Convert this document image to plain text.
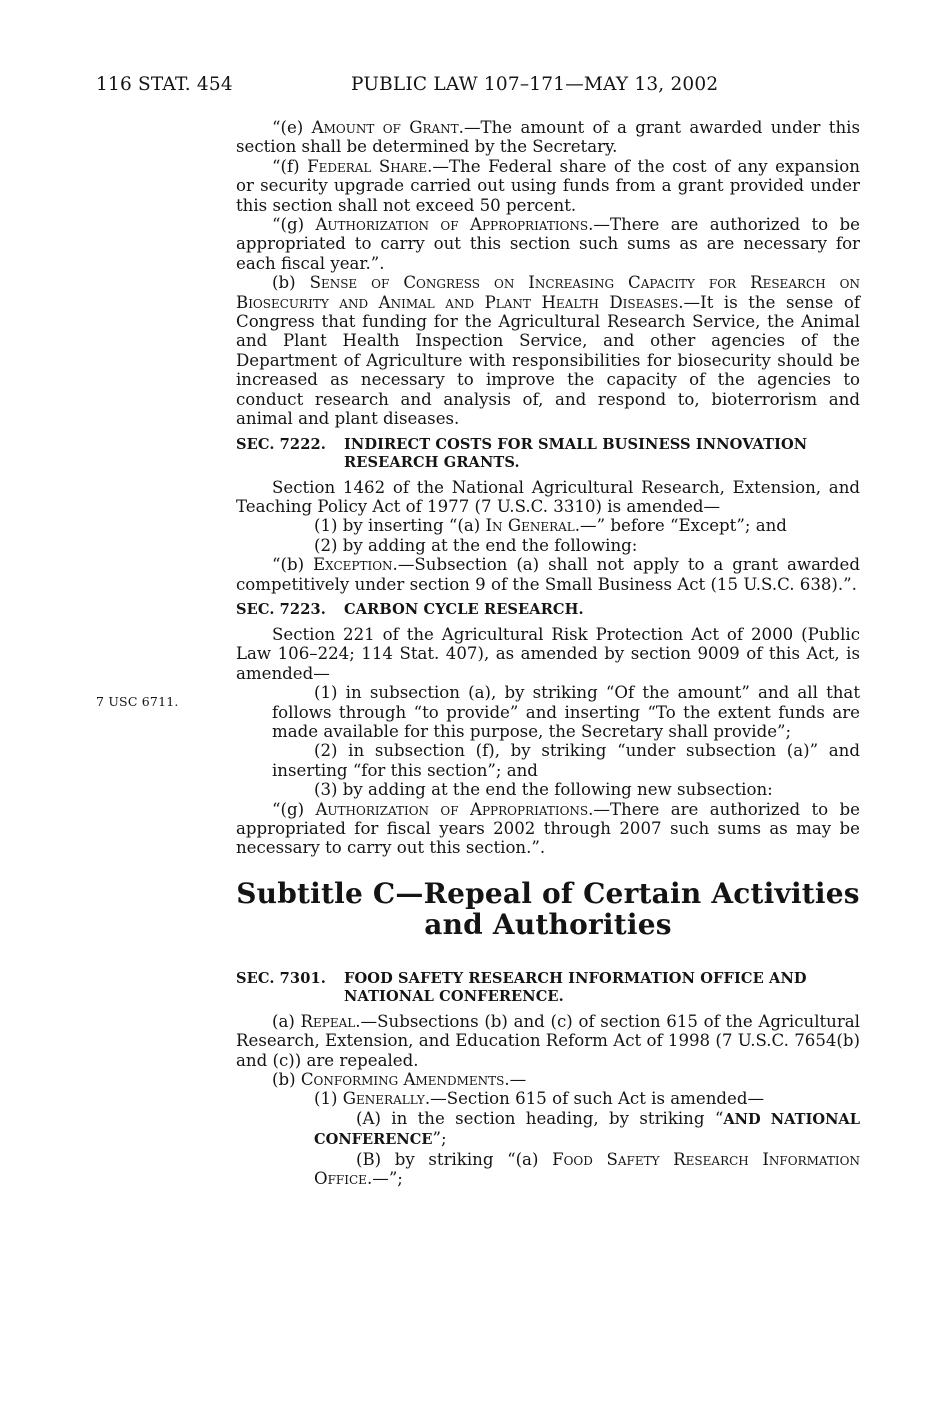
116 STAT. 454	PUBLIC LAW 107–171—MAY 13, 2002
7 USC 6711.

“(e) Amount of Grant.—The amount of a grant awarded under this section shall be determined by the Secretary.

“(f) Federal Share.—The Federal share of the cost of any expansion or security upgrade carried out using funds from a grant provided under this section shall not exceed 50 percent.

“(g) Authorization of Appropriations.—There are authorized to be appropriated to carry out this section such sums as are necessary for each fiscal year.”.

(b) Sense of Congress on Increasing Capacity for Research on Biosecurity and Animal and Plant Health Diseases.—It is the sense of Congress that funding for the Agricultural Research Service, the Animal and Plant Health Inspection Service, and other agencies of the Department of Agriculture with responsibilities for biosecurity should be increased as necessary to improve the capacity of the agencies to conduct research and analysis of, and respond to, bioterrorism and animal and plant diseases.

SEC. 7222. INDIRECT COSTS FOR SMALL BUSINESS INNOVATION
RESEARCH GRANTS.

Section 1462 of the National Agricultural Research, Extension, and Teaching Policy Act of 1977 (7 U.S.C. 3310) is amended—

(1) by inserting “(a) In General.—” before “Except”; and

(2) by adding at the end the following:

“(b) Exception.—Subsection (a) shall not apply to a grant awarded competitively under section 9 of the Small Business Act (15 U.S.C. 638).”.

SEC. 7223. CARBON CYCLE RESEARCH.

Section 221 of the Agricultural Risk Protection Act of 2000 (Public Law 106–224; 114 Stat. 407), as amended by section 9009 of this Act, is amended—

(1) in subsection (a), by striking “Of the amount” and all that follows through “to provide” and inserting “To the extent funds are made available for this purpose, the Secretary shall provide”;

(2) in subsection (f), by striking “under subsection (a)” and inserting “for this section”; and

(3) by adding at the end the following new subsection:

“(g) Authorization of Appropriations.—There are authorized to be appropriated for fiscal years 2002 through 2007 such sums as may be necessary to carry out this section.”.

Subtitle C—Repeal of Certain Activities
and Authorities
SEC. 7301. FOOD SAFETY RESEARCH INFORMATION OFFICE AND
NATIONAL CONFERENCE.

(a) Repeal.—Subsections (b) and (c) of section 615 of the Agricultural Research, Extension, and Education Reform Act of 1998 (7 U.S.C. 7654(b) and (c)) are repealed.

(b) Conforming Amendments.—

(1) Generally.—Section 615 of such Act is amended—

(A) in the section heading, by striking “AND NATIONAL CONFERENCE”;

(B) by striking “(a) Food Safety Research Information Office.—”;
